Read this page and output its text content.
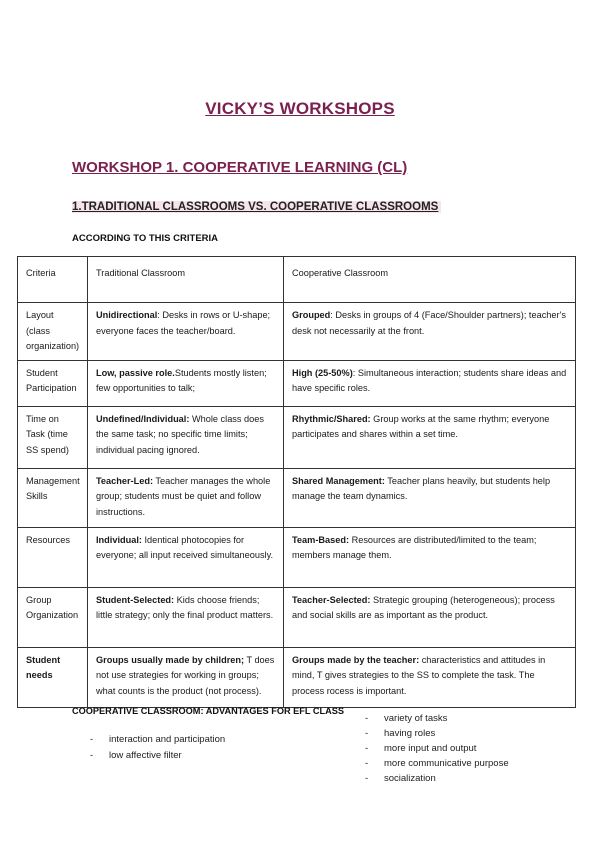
VICKY’S WORKSHOPS
WORKSHOP 1. COOPERATIVE LEARNING (CL)
1.TRADITIONAL CLASSROOMS VS. COOPERATIVE CLASSROOMS
ACCORDING TO THIS CRITERIA
Criteria	Traditional Classroom	Cooperative Classroom
Layout (class organization)	Unidirectional: Desks in rows or U-shape; everyone faces the teacher/board.	Grouped: Desks in groups of 4 (Face/Shoulder partners); teacher's desk not necessarily at the front.
Student Participation	Low, passive role.Students mostly listen; few opportunities to talk;	High (25-50%): Simultaneous interaction; students share ideas and have specific roles.
Time on Task (time SS spend)	Undefined/Individual: Whole class does the same task; no specific time limits; individual pacing ignored.	Rhythmic/Shared: Group works at the same rhythm; everyone participates and shares within a set time.
Management Skills	Teacher-Led: Teacher manages the whole group; students must be quiet and follow instructions.	Shared Management: Teacher plans heavily, but students help manage the team dynamics.
Resources	Individual: Identical photocopies for everyone; all input received simultaneously.	Team-Based: Resources are distributed/limited to the team; members manage them.
Group Organization	Student-Selected: Kids choose friends; little strategy; only the final product matters.	Teacher-Selected: Strategic grouping (heterogeneous); process and social skills are as important as the product.
Student needs	Groups usually made by children; T does not use strategies for working in groups; what counts is the product (not process).	Groups made by the teacher: characteristics and attitudes in mind, T gives strategies to the SS to complete the task. The process rocess is important.
COOPERATIVE CLASSROOM: ADVANTAGES FOR EFL CLASS
- interaction and participation
- low affective filter
- variety of tasks
- having roles
- more input and output
- more communicative purpose
- socialization
